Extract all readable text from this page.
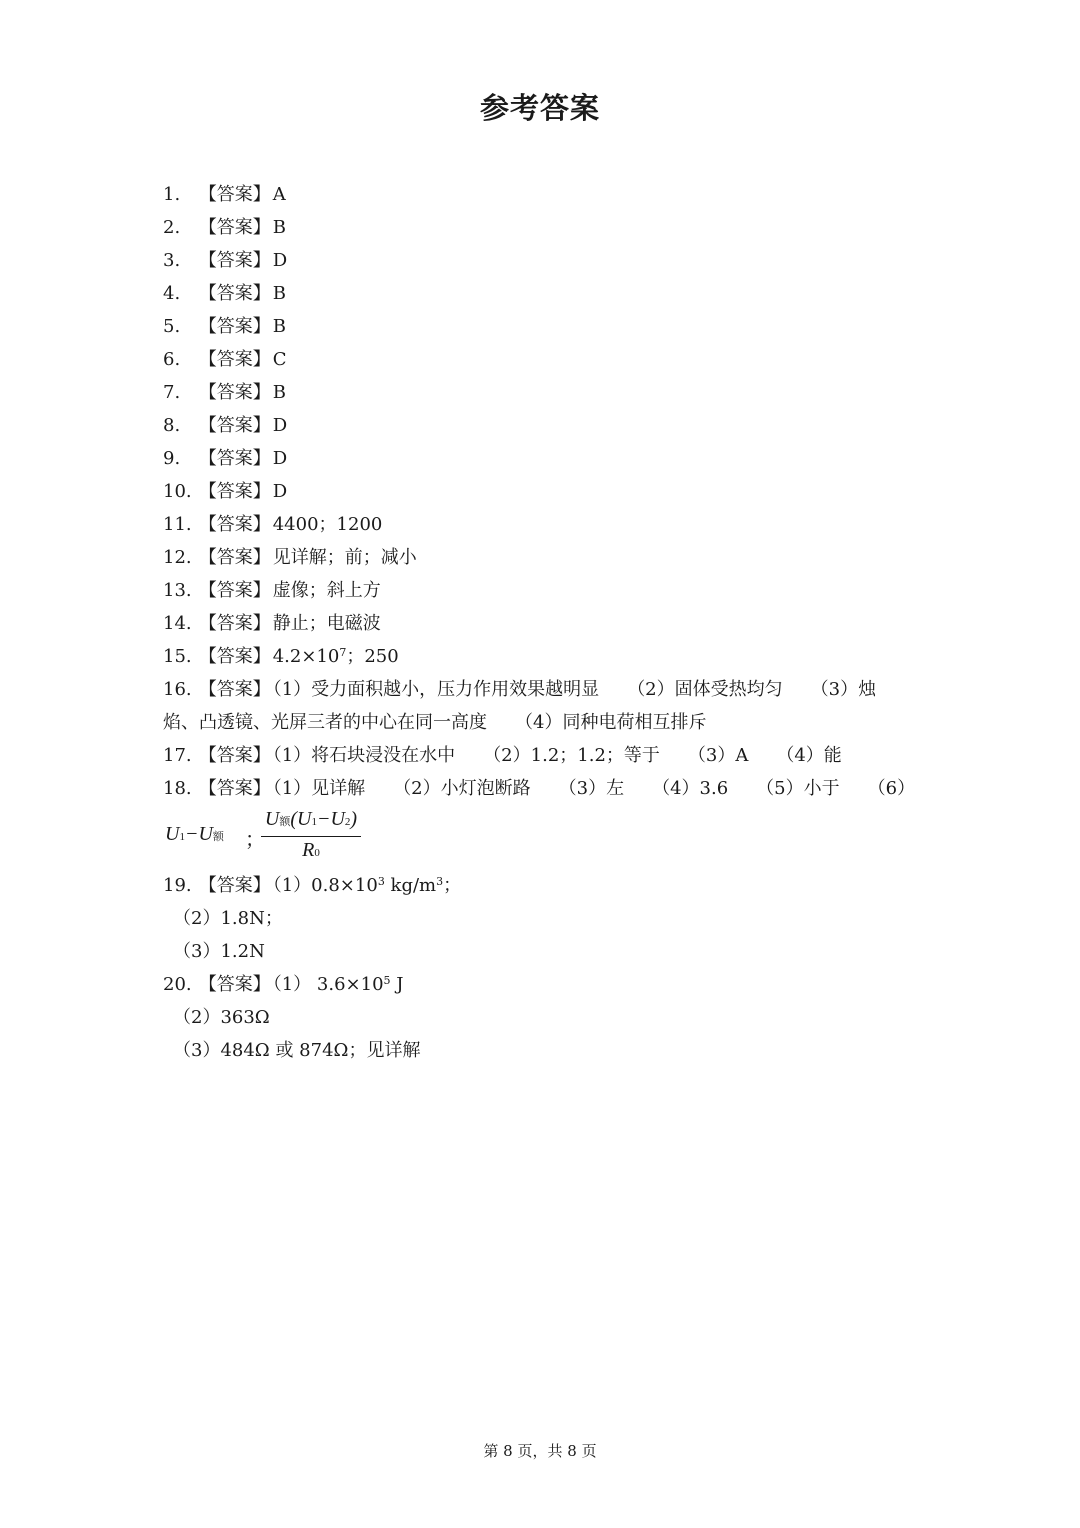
参考答案
1. 【答案】 A
2. 【答案】 B
3. 【答案】 D
4. 【答案】 B
5. 【答案】 B
6. 【答案】 C
7. 【答案】 B
8. 【答案】 D
9. 【答案】 D
10. 【答案】 D
11. 【答案】 4400；1200
12. 【答案】 见详解；前；减小
13. 【答案】 虚像；斜上方
14. 【答案】 静止；电磁波
15. 【答案】 $4.2\times 10^7$；250
16. 【答案】 （1）受力面积越小，压力作用效果越明显 （2）固体受热均匀 （3）烛
焰、凸透镜、光屏三者的中心在同一高度 （4）同种电荷相互排斥
17. 【答案】 （1）将石块浸没在水中 （2）1.2；1.2；等于 （3）A （4）能
18. 【答案】 （1）见详解 （2）小灯泡断路 （3）左 （4）3.6 （5）小于 （6）
U1−U额 ；
U额(U1−U2)
R0
19. 【答案】 $(1)0.8\times 10^3$ $kg/m^3$；
（2）1.8N；
（3）1.2N
20. 【答案】 （1） $3.6\times 10^5$ J
（2）363Ω
（3）484Ω 或 874Ω；见详解
第 8 页，共 8 页
